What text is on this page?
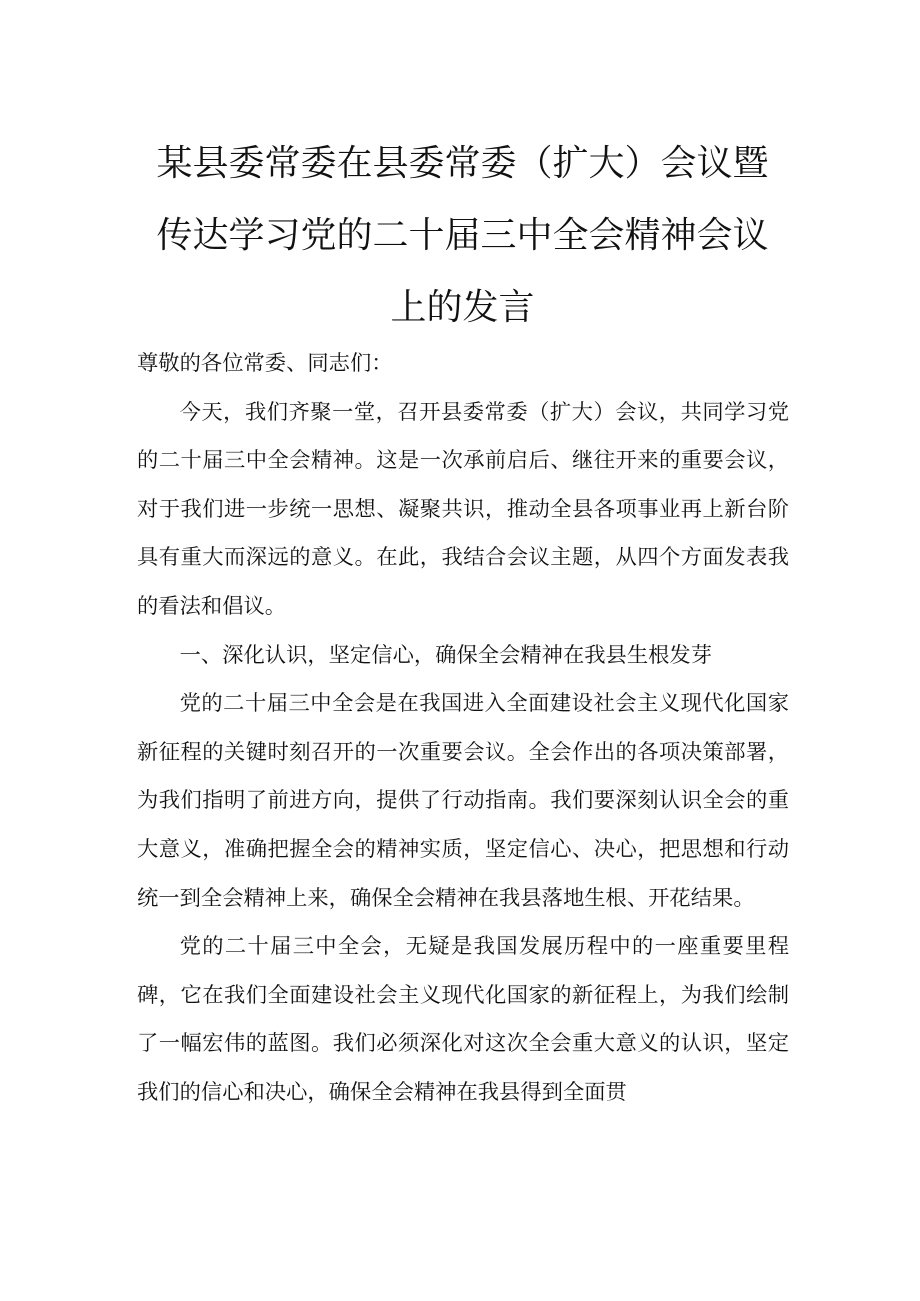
某县委常委在县委常委（扩大）会议暨传达学习党的二十届三中全会精神会议上的发言

尊敬的各位常委、同志们：

今天，我们齐聚一堂，召开县委常委（扩大）会议，共同学习党的二十届三中全会精神。这是一次承前启后、继往开来的重要会议，对于我们进一步统一思想、凝聚共识，推动全县各项事业再上新台阶具有重大而深远的意义。在此，我结合会议主题，从四个方面发表我的看法和倡议。

一、深化认识，坚定信心，确保全会精神在我县生根发芽

党的二十届三中全会是在我国进入全面建设社会主义现代化国家新征程的关键时刻召开的一次重要会议。全会作出的各项决策部署，为我们指明了前进方向，提供了行动指南。我们要深刻认识全会的重大意义，准确把握全会的精神实质，坚定信心、决心，把思想和行动统一到全会精神上来，确保全会精神在我县落地生根、开花结果。

党的二十届三中全会，无疑是我国发展历程中的一座重要里程碑，它在我们全面建设社会主义现代化国家的新征程上，为我们绘制了一幅宏伟的蓝图。我们必须深化对这次全会重大意义的认识，坚定我们的信心和决心，确保全会精神在我县得到全面贯
